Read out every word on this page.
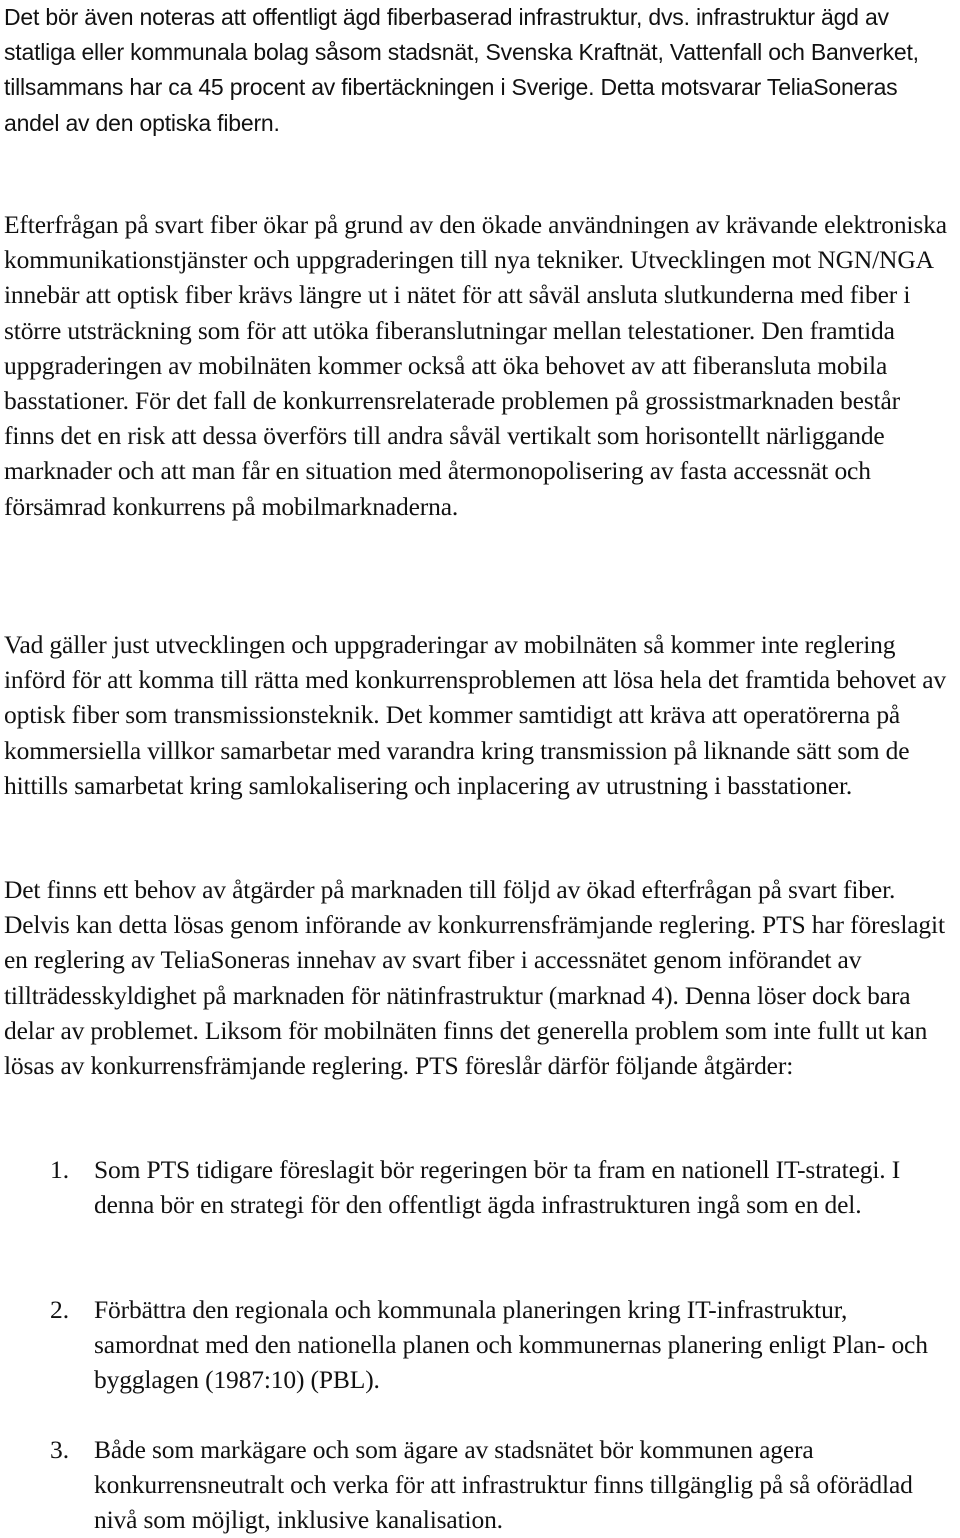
Det bör även noteras att offentligt ägd fiberbaserad infrastruktur, dvs. infrastruktur ägd av statliga eller kommunala bolag såsom stadsnät, Svenska Kraftnät, Vattenfall och Banverket, tillsammans har ca 45 procent av fibertäckningen i Sverige. Detta motsvarar TeliaSoneras andel av den optiska fibern.

Efterfrågan på svart fiber ökar på grund av den ökade användningen av krävande elektroniska kommunikationstjänster och uppgraderingen till nya tekniker. Utvecklingen mot NGN/NGA innebär att optisk fiber krävs längre ut i nätet för att såväl ansluta slutkunderna med fiber i större utsträckning som för att utöka fiberanslutningar mellan telestationer. Den framtida uppgraderingen av mobilnäten kommer också att öka behovet av att fiberansluta mobila basstationer. För det fall de konkurrensrelaterade problemen på grossistmarknaden består finns det en risk att dessa överförs till andra såväl vertikalt som horisontellt närliggande marknader och att man får en situation med återmonopolisering av fasta accessnät och försämrad konkurrens på mobilmarknaderna.

Vad gäller just utvecklingen och uppgraderingar av mobilnäten så kommer inte reglering införd för att komma till rätta med konkurrensproblemen att lösa hela det framtida behovet av optisk fiber som transmissionsteknik. Det kommer samtidigt att kräva att operatörerna på kommersiella villkor samarbetar med varandra kring transmission på liknande sätt som de hittills samarbetat kring samlokalisering och inplacering av utrustning i basstationer.

Det finns ett behov av åtgärder på marknaden till följd av ökad efterfrågan på svart fiber. Delvis kan detta lösas genom införande av konkurrensfrämjande reglering. PTS har föreslagit en reglering av TeliaSoneras innehav av svart fiber i accessnätet genom införandet av tillträdesskyldighet på marknaden för nätinfrastruktur (marknad 4). Denna löser dock bara delar av problemet. Liksom för mobilnäten finns det generella problem som inte fullt ut kan lösas av konkurrensfrämjande reglering. PTS föreslår därför följande åtgärder:

1. Som PTS tidigare föreslagit bör regeringen bör ta fram en nationell IT-strategi. I denna bör en strategi för den offentligt ägda infrastrukturen ingå som en del.
2. Förbättra den regionala och kommunala planeringen kring IT-infrastruktur, samordnat med den nationella planen och kommunernas planering enligt Plan- och bygglagen (1987:10) (PBL).
3. Både som markägare och som ägare av stadsnätet bör kommunen agera konkurrensneutralt och verka för att infrastruktur finns tillgänglig på så oförädlad nivå som möjligt, inklusive kanalisation.
